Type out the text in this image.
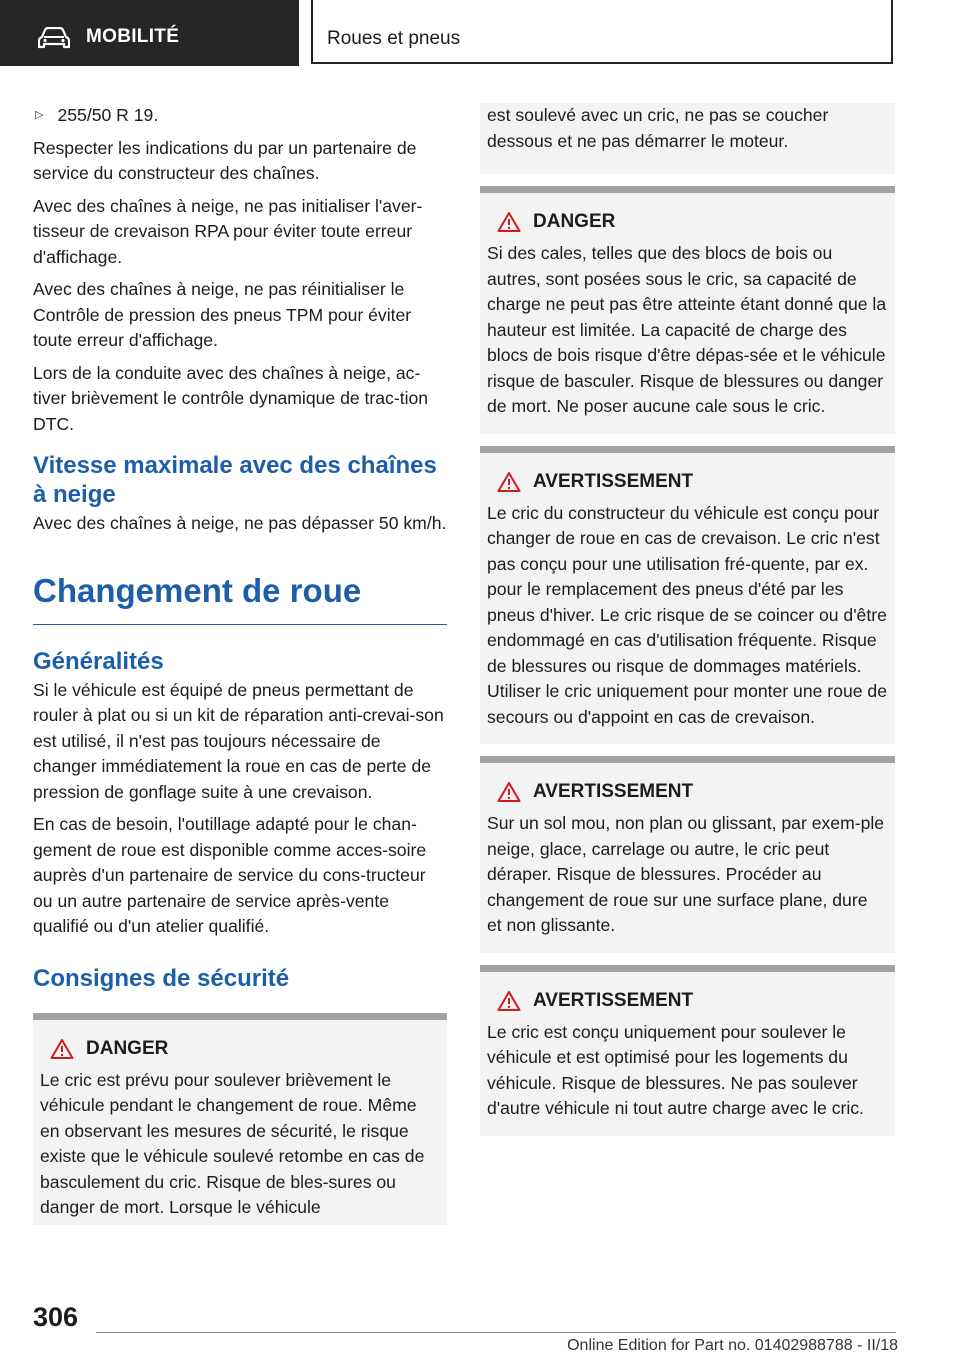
MOBILITÉ	Roues et pneus

▷ 255/50 R 19.

Respecter les indications du par un partenaire de service du constructeur des chaînes.

Avec des chaînes à neige, ne pas initialiser l'aver‐tisseur de crevaison RPA pour éviter toute erreur d'affichage.

Avec des chaînes à neige, ne pas réinitialiser le Contrôle de pression des pneus TPM pour éviter toute erreur d'affichage.

Lors de la conduite avec des chaînes à neige, ac‐tiver brièvement le contrôle dynamique de trac‐tion DTC.

Vitesse maximale avec des chaînes à neige

Avec des chaînes à neige, ne pas dépasser 50 km/h.

Changement de roue
Généralités

Si le véhicule est équipé de pneus permettant de rouler à plat ou si un kit de réparation anti‐crevai‐son est utilisé, il n'est pas toujours nécessaire de changer immédiatement la roue en cas de perte de pression de gonflage suite à une crevaison.

En cas de besoin, l'outillage adapté pour le chan‐gement de roue est disponible comme acces‐soire auprès d'un partenaire de service du cons‐tructeur ou un autre partenaire de service après-vente qualifié ou d'un atelier qualifié.

Consignes de sécurité
DANGER

Le cric est prévu pour soulever brièvement le véhicule pendant le changement de roue. Même en observant les mesures de sécurité, le risque existe que le véhicule soulevé retombe en cas de basculement du cric. Risque de bles‐sures ou danger de mort. Lorsque le véhicule

est soulevé avec un cric, ne pas se coucher dessous et ne pas démarrer le moteur.

DANGER

Si des cales, telles que des blocs de bois ou autres, sont posées sous le cric, sa capacité de charge ne peut pas être atteinte étant donné que la hauteur est limitée. La capacité de charge des blocs de bois risque d'être dépas‐sée et le véhicule risque de basculer. Risque de blessures ou danger de mort. Ne poser aucune cale sous le cric.

AVERTISSEMENT

Le cric du constructeur du véhicule est conçu pour changer de roue en cas de crevaison. Le cric n'est pas conçu pour une utilisation fré‐quente, par ex. pour le remplacement des pneus d'été par les pneus d'hiver. Le cric risque de se coincer ou d'être endommagé en cas d'utilisation fréquente. Risque de blessures ou risque de dommages matériels. Utiliser le cric uniquement pour monter une roue de secours ou d'appoint en cas de crevaison.

AVERTISSEMENT

Sur un sol mou, non plan ou glissant, par exem‐ple neige, glace, carrelage ou autre, le cric peut déraper. Risque de blessures. Procéder au changement de roue sur une surface plane, dure et non glissante.

AVERTISSEMENT

Le cric est conçu uniquement pour soulever le véhicule et est optimisé pour les logements du véhicule. Risque de blessures. Ne pas soulever d'autre véhicule ni tout autre charge avec le cric.

306
Online Edition for Part no. 01402988788 - II/18
